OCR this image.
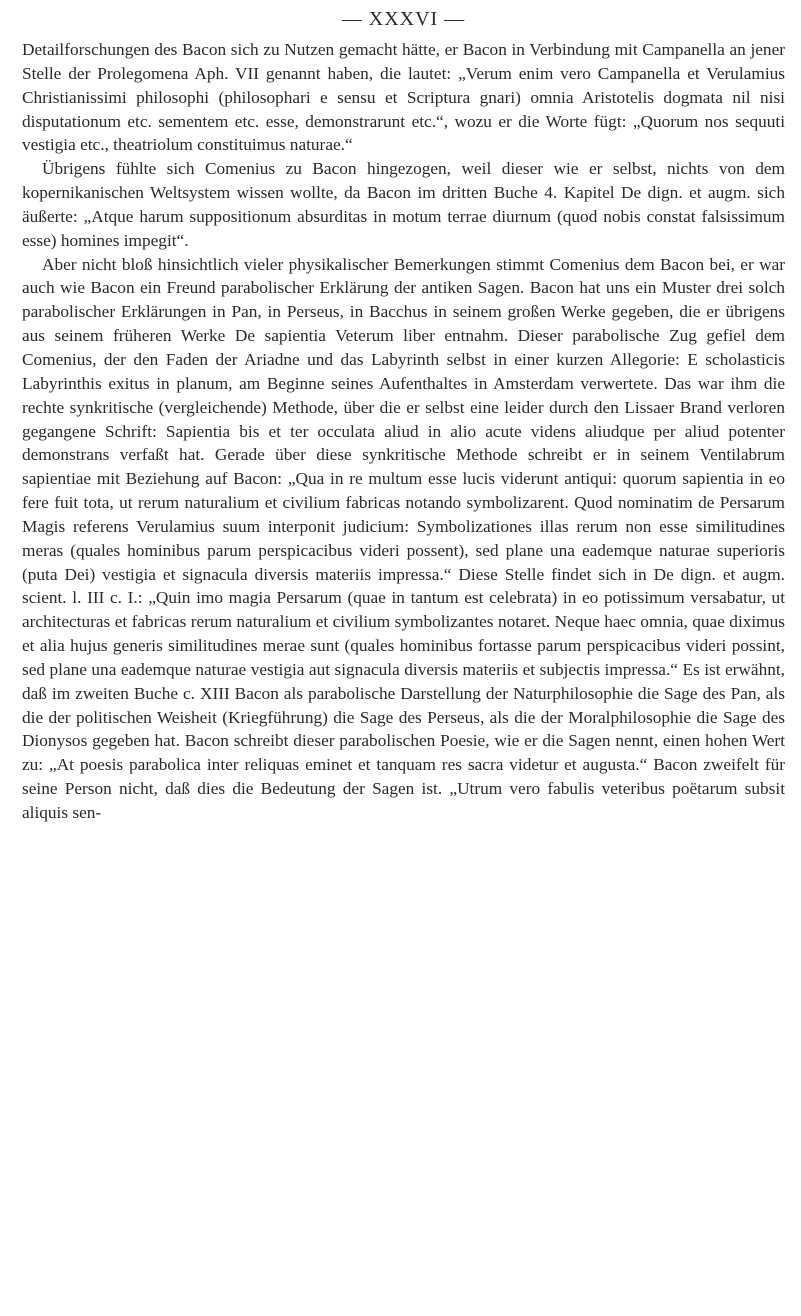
— XXXVI —

Detailforschungen des Bacon sich zu Nutzen gemacht hätte, er Bacon in Verbindung mit Campanella an jener Stelle der Prolegomena Aph. VII genannt haben, die lautet: „Verum enim vero Campanella et Verulamius Christianissimi philosophi (philosophari e sensu et Scriptura gnari) omnia Aristotelis dogmata nil nisi disputationum etc. sementem etc. esse, demonstrarunt etc.“, wozu er die Worte fügt: „Quorum nos sequuti vestigia etc., theatriolum constituimus naturae.“

Übrigens fühlte sich Comenius zu Bacon hingezogen, weil dieser wie er selbst, nichts von dem kopernikanischen Weltsystem wissen wollte, da Bacon im dritten Buche 4. Kapitel De dign. et augm. sich äußerte: „Atque harum suppositionum absurditas in motum terrae diurnum (quod nobis constat falsissimum esse) homines impegit“.

Aber nicht bloß hinsichtlich vieler physikalischer Bemerkungen stimmt Comenius dem Bacon bei, er war auch wie Bacon ein Freund parabolischer Erklärung der antiken Sagen. Bacon hat uns ein Muster drei solch parabolischer Erklärungen in Pan, in Perseus, in Bacchus in seinem großen Werke gegeben, die er übrigens aus seinem früheren Werke De sapientia Veterum liber entnahm. Dieser parabolische Zug gefiel dem Comenius, der den Faden der Ariadne und das Labyrinth selbst in einer kurzen Allegorie: E scholasticis Labyrinthis exitus in planum, am Beginne seines Aufenthaltes in Amsterdam verwertete. Das war ihm die rechte synkritische (vergleichende) Methode, über die er selbst eine leider durch den Lissaer Brand verloren gegangene Schrift: Sapientia bis et ter occulata aliud in alio acute videns aliudque per aliud potenter demonstrans verfaßt hat. Gerade über diese synkritische Methode schreibt er in seinem Ventilabrum sapientiae mit Beziehung auf Bacon: „Qua in re multum esse lucis viderunt antiqui: quorum sapientia in eo fere fuit tota, ut rerum naturalium et civilium fabricas notando symbolizarent. Quod nominatim de Persarum Magis referens Verulamius suum interponit judicium: Symbolizationes illas rerum non esse similitudines meras (quales hominibus parum perspicacibus videri possent), sed plane una eademque naturae superioris (puta Dei) vestigia et signacula diversis materiis impressa.“ Diese Stelle findet sich in De dign. et augm. scient. l. III c. I.: „Quin imo magia Persarum (quae in tantum est celebrata) in eo potissimum versabatur, ut architecturas et fabricas rerum naturalium et civilium symbolizantes notaret. Neque haec omnia, quae diximus et alia hujus generis similitudines merae sunt (quales hominibus fortasse parum perspicacibus videri possint, sed plane una eademque naturae vestigia aut signacula diversis materiis et subjectis impressa.“ Es ist erwähnt, daß im zweiten Buche c. XIII Bacon als parabolische Darstellung der Naturphilosophie die Sage des Pan, als die der politischen Weisheit (Kriegführung) die Sage des Perseus, als die der Moralphilosophie die Sage des Dionysos gegeben hat. Bacon schreibt dieser parabolischen Poesie, wie er die Sagen nennt, einen hohen Wert zu: „At poesis parabolica inter reliquas eminet et tanquam res sacra videtur et augusta.“ Bacon zweifelt für seine Person nicht, daß dies die Bedeutung der Sagen ist. „Utrum vero fabulis veteribus poëtarum subsit aliquis sen-
